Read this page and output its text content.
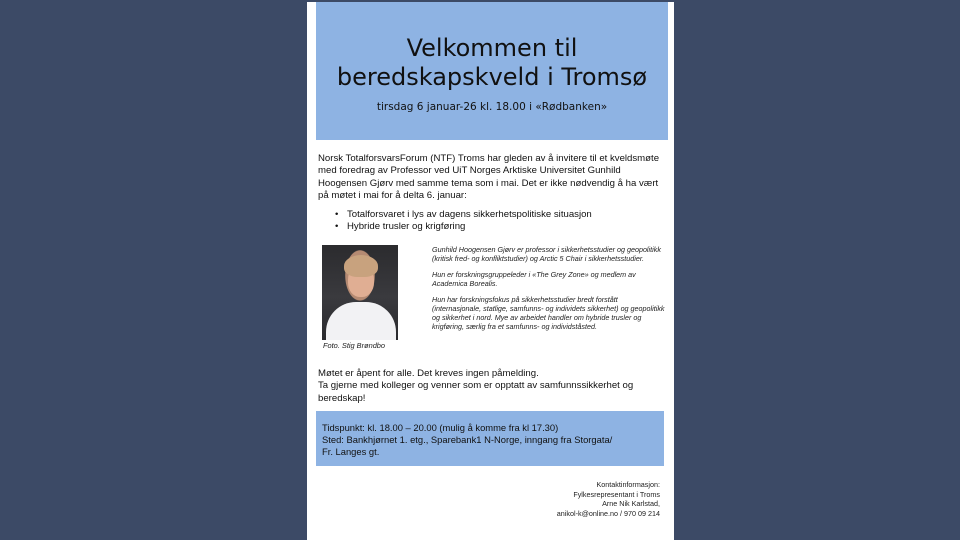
Velkommen til
beredskapskveld i Tromsø
tirsdag 6 januar-26 kl. 18.00 i «Rødbanken»
Norsk TotalforsvarsForum (NTF) Troms har gleden av å invitere til et kveldsmøte med foredrag av Professor ved UiT Norges Arktiske Universitet Gunhild Hoogensen Gjørv med samme tema som i mai. Det er ikke nødvendig å ha vært på møtet i mai for å delta 6. januar:
• Totalforsvaret i lys av dagens sikkerhetspolitiske situasjon
• Hybride trusler og krigføring
Foto. Stig Brøndbo

Gunhild Hoogensen Gjørv er professor i sikkerhetsstudier og geopolitikk (kritisk fred- og konfliktstudier) og Arctic 5 Chair i sikkerhetsstudier.

Hun er forskningsgruppeleder i «The Grey Zone» og medlem av Academica Borealis.

Hun har forskningsfokus på sikkerhetsstudier bredt forstått (internasjonale, statlige, samfunns- og individets sikkerhet) og geopolitikk og sikkerhet i nord. Mye av arbeidet handler om hybride trusler og krigføring, særlig fra et samfunns- og individståsted.

Møtet er åpent for alle. Det kreves ingen påmelding.
Ta gjerne med kolleger og venner som er opptatt av samfunnssikkerhet og beredskap!
Tidspunkt: kl. 18.00 – 20.00 (mulig å komme fra kl 17.30)
Sted: Bankhjørnet 1. etg., Sparebank1 N-Norge, inngang fra Storgata/
Fr. Langes gt.
Kontaktinformasjon:
Fylkesrepresentant i Troms
Arne Nik Karlstad,
anikol-k@online.no / 970 09 214
